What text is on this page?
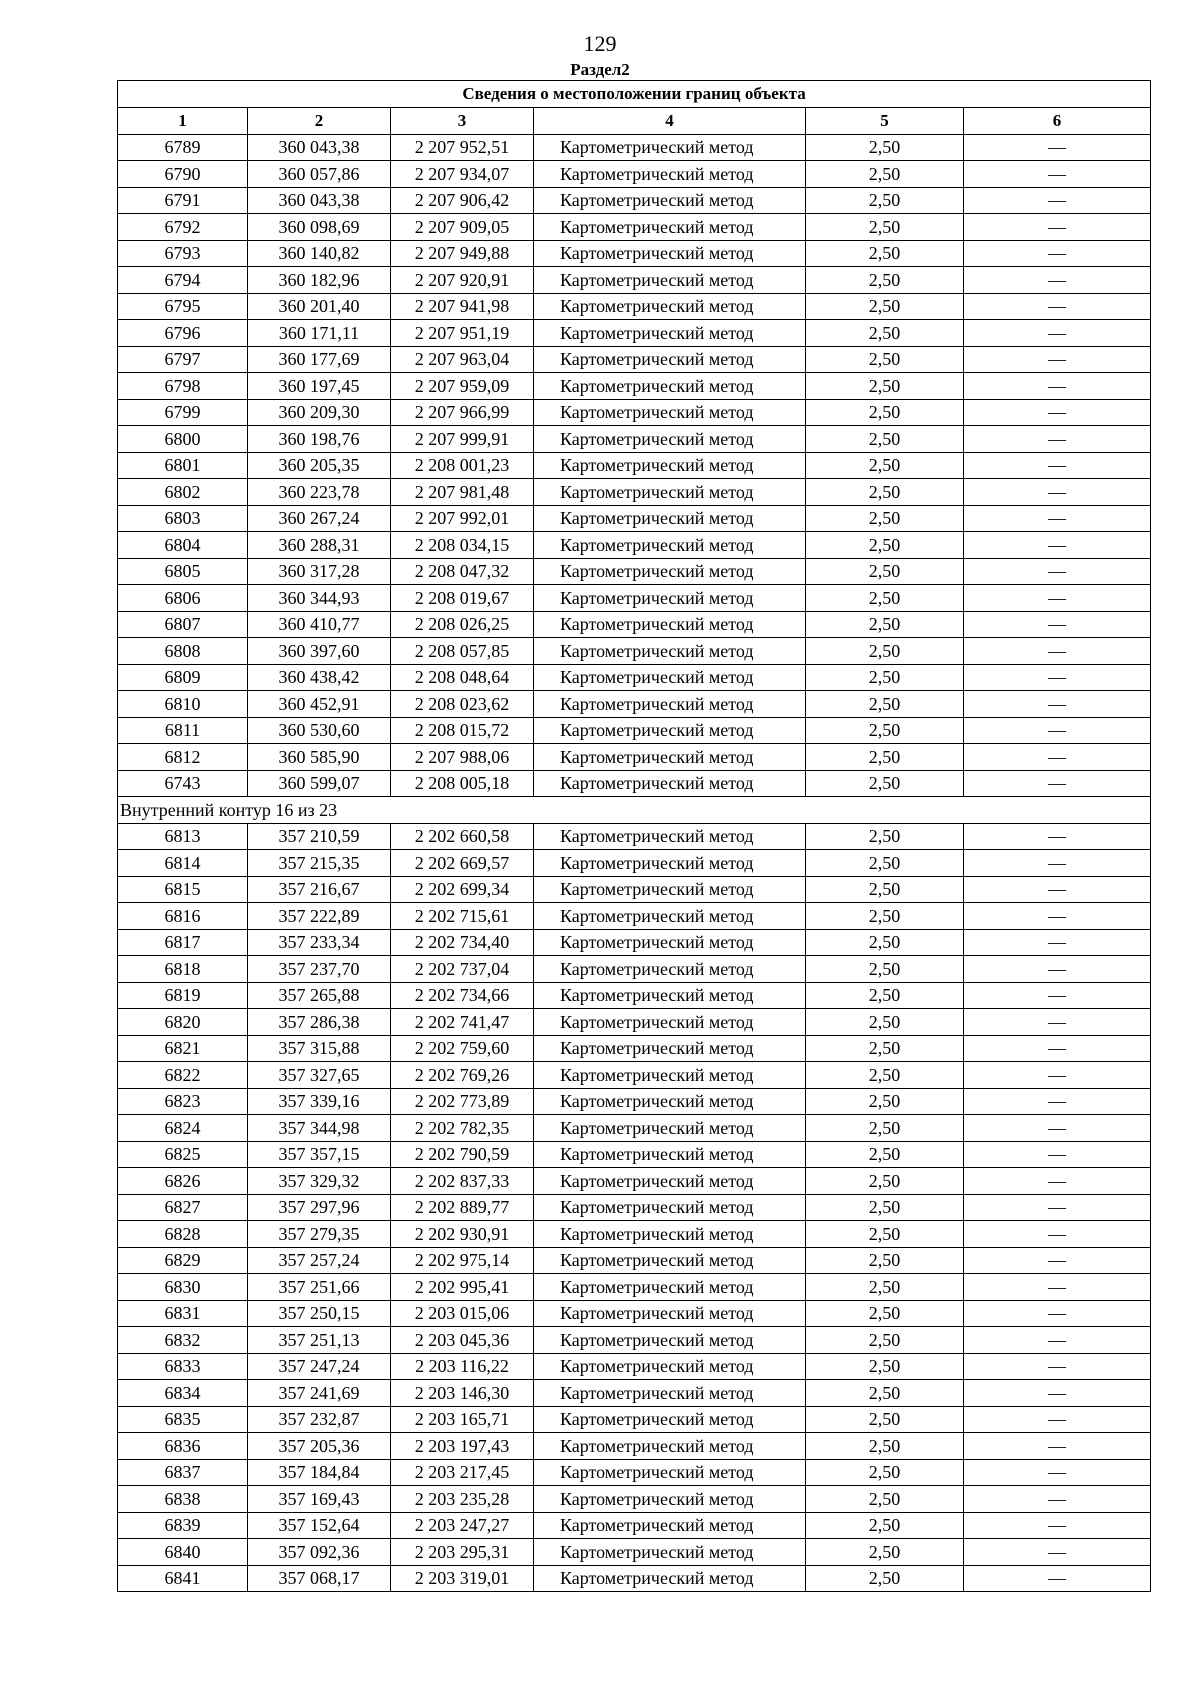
129
Раздел2
Сведения о местоположении границ объекта					
1	2	3	4	5	6
6789	360 043,38	2 207 952,51	Картометрический метод	2,50	—
6790	360 057,86	2 207 934,07	Картометрический метод	2,50	—
6791	360 043,38	2 207 906,42	Картометрический метод	2,50	—
6792	360 098,69	2 207 909,05	Картометрический метод	2,50	—
6793	360 140,82	2 207 949,88	Картометрический метод	2,50	—
6794	360 182,96	2 207 920,91	Картометрический метод	2,50	—
6795	360 201,40	2 207 941,98	Картометрический метод	2,50	—
6796	360 171,11	2 207 951,19	Картометрический метод	2,50	—
6797	360 177,69	2 207 963,04	Картометрический метод	2,50	—
6798	360 197,45	2 207 959,09	Картометрический метод	2,50	—
6799	360 209,30	2 207 966,99	Картометрический метод	2,50	—
6800	360 198,76	2 207 999,91	Картометрический метод	2,50	—
6801	360 205,35	2 208 001,23	Картометрический метод	2,50	—
6802	360 223,78	2 207 981,48	Картометрический метод	2,50	—
6803	360 267,24	2 207 992,01	Картометрический метод	2,50	—
6804	360 288,31	2 208 034,15	Картометрический метод	2,50	—
6805	360 317,28	2 208 047,32	Картометрический метод	2,50	—
6806	360 344,93	2 208 019,67	Картометрический метод	2,50	—
6807	360 410,77	2 208 026,25	Картометрический метод	2,50	—
6808	360 397,60	2 208 057,85	Картометрический метод	2,50	—
6809	360 438,42	2 208 048,64	Картометрический метод	2,50	—
6810	360 452,91	2 208 023,62	Картометрический метод	2,50	—
6811	360 530,60	2 208 015,72	Картометрический метод	2,50	—
6812	360 585,90	2 207 988,06	Картометрический метод	2,50	—
6743	360 599,07	2 208 005,18	Картометрический метод	2,50	—
Внутренний контур 16 из 23					
6813	357 210,59	2 202 660,58	Картометрический метод	2,50	—
6814	357 215,35	2 202 669,57	Картометрический метод	2,50	—
6815	357 216,67	2 202 699,34	Картометрический метод	2,50	—
6816	357 222,89	2 202 715,61	Картометрический метод	2,50	—
6817	357 233,34	2 202 734,40	Картометрический метод	2,50	—
6818	357 237,70	2 202 737,04	Картометрический метод	2,50	—
6819	357 265,88	2 202 734,66	Картометрический метод	2,50	—
6820	357 286,38	2 202 741,47	Картометрический метод	2,50	—
6821	357 315,88	2 202 759,60	Картометрический метод	2,50	—
6822	357 327,65	2 202 769,26	Картометрический метод	2,50	—
6823	357 339,16	2 202 773,89	Картометрический метод	2,50	—
6824	357 344,98	2 202 782,35	Картометрический метод	2,50	—
6825	357 357,15	2 202 790,59	Картометрический метод	2,50	—
6826	357 329,32	2 202 837,33	Картометрический метод	2,50	—
6827	357 297,96	2 202 889,77	Картометрический метод	2,50	—
6828	357 279,35	2 202 930,91	Картометрический метод	2,50	—
6829	357 257,24	2 202 975,14	Картометрический метод	2,50	—
6830	357 251,66	2 202 995,41	Картометрический метод	2,50	—
6831	357 250,15	2 203 015,06	Картометрический метод	2,50	—
6832	357 251,13	2 203 045,36	Картометрический метод	2,50	—
6833	357 247,24	2 203 116,22	Картометрический метод	2,50	—
6834	357 241,69	2 203 146,30	Картометрический метод	2,50	—
6835	357 232,87	2 203 165,71	Картометрический метод	2,50	—
6836	357 205,36	2 203 197,43	Картометрический метод	2,50	—
6837	357 184,84	2 203 217,45	Картометрический метод	2,50	—
6838	357 169,43	2 203 235,28	Картометрический метод	2,50	—
6839	357 152,64	2 203 247,27	Картометрический метод	2,50	—
6840	357 092,36	2 203 295,31	Картометрический метод	2,50	—
6841	357 068,17	2 203 319,01	Картометрический метод	2,50	—
